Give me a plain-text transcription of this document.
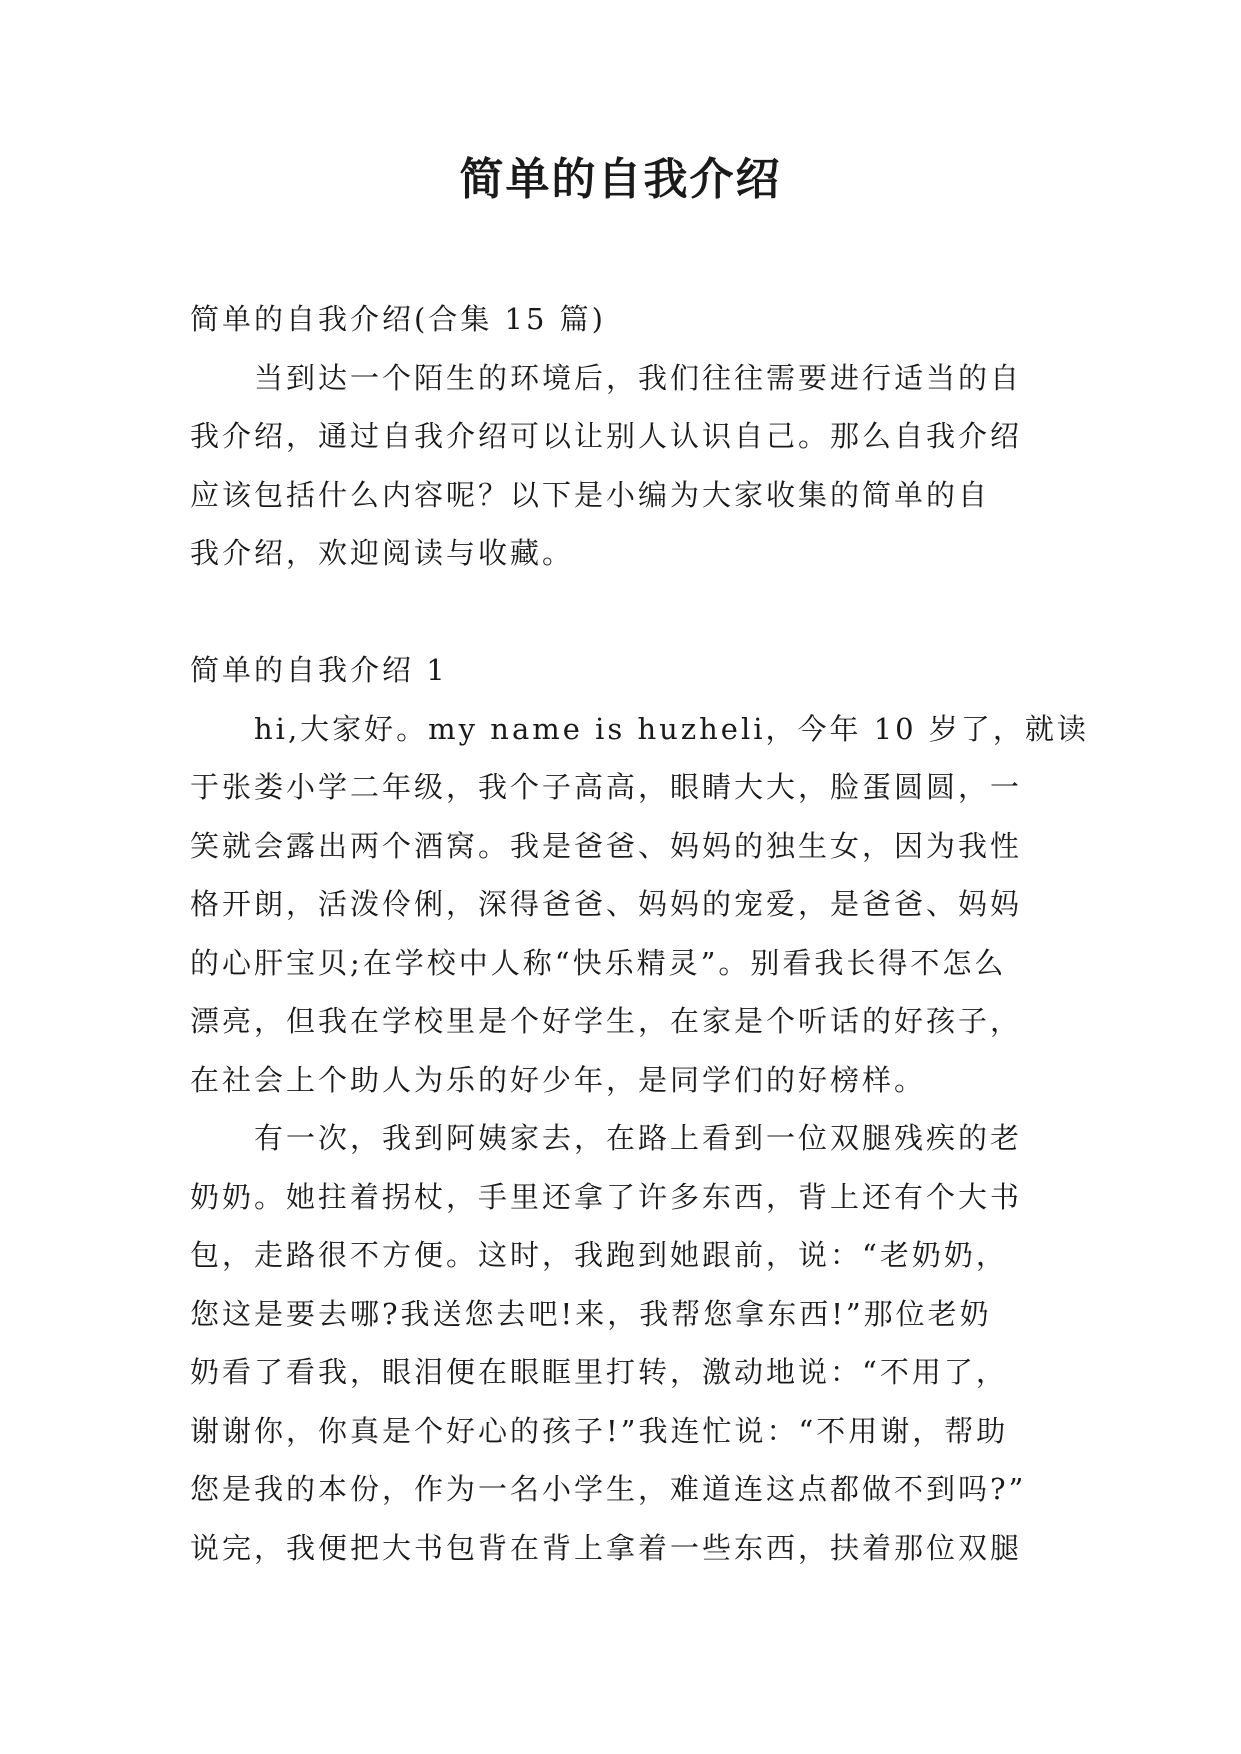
简单的自我介绍

简单的自我介绍(合集 15 篇)

当到达一个陌生的环境后，我们往往需要进行适当的自

我介绍，通过自我介绍可以让别人认识自己。那么自我介绍

应该包括什么内容呢？以下是小编为大家收集的简单的自

我介绍，欢迎阅读与收藏。

简单的自我介绍 1

hi,大家好。my name is huzheli，今年 10 岁了，就读

于张娄小学二年级，我个子高高，眼睛大大，脸蛋圆圆，一

笑就会露出两个酒窝。我是爸爸、妈妈的独生女，因为我性

格开朗，活泼伶俐，深得爸爸、妈妈的宠爱，是爸爸、妈妈

的心肝宝贝;在学校中人称“快乐精灵”。别看我长得不怎么

漂亮，但我在学校里是个好学生，在家是个听话的好孩子，

在社会上个助人为乐的好少年，是同学们的好榜样。

有一次，我到阿姨家去，在路上看到一位双腿残疾的老

奶奶。她拄着拐杖，手里还拿了许多东西，背上还有个大书

包，走路很不方便。这时，我跑到她跟前，说：“老奶奶，

您这是要去哪?我送您去吧!来，我帮您拿东西!”那位老奶

奶看了看我，眼泪便在眼眶里打转，激动地说：“不用了，

谢谢你，你真是个好心的孩子!”我连忙说：“不用谢，帮助

您是我的本份，作为一名小学生，难道连这点都做不到吗?”

说完，我便把大书包背在背上拿着一些东西，扶着那位双腿
